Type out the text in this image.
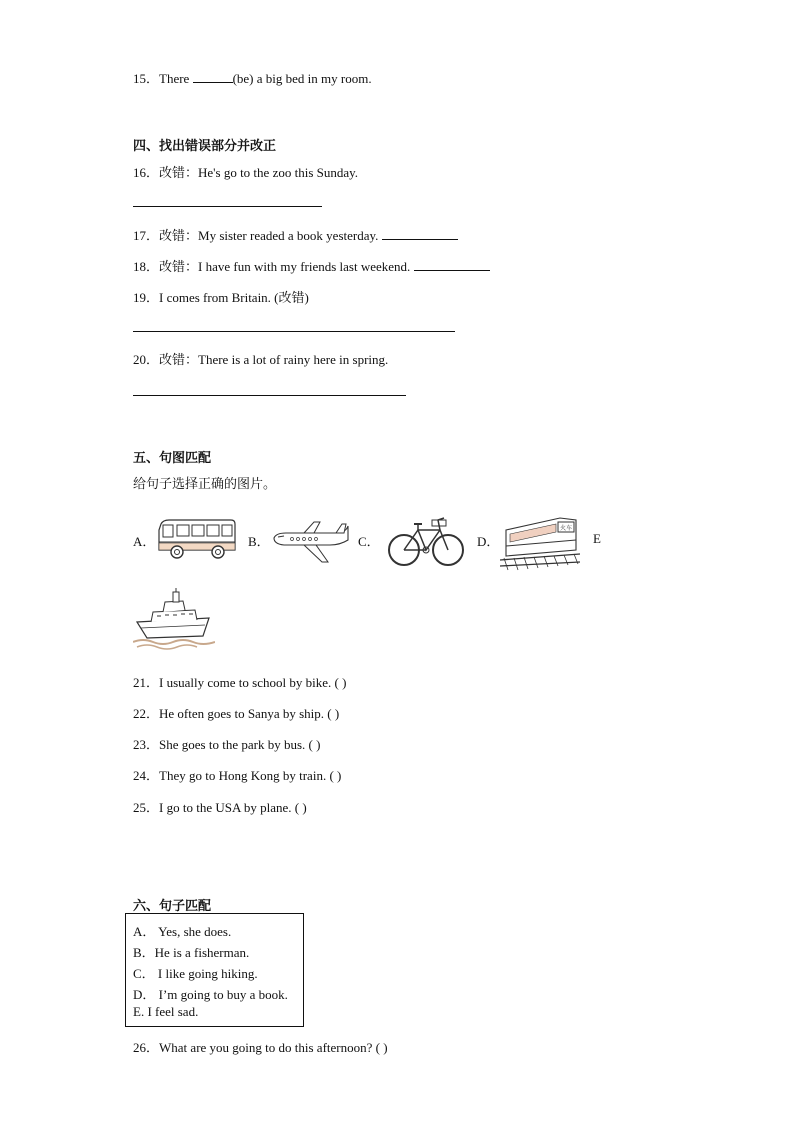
15．There	(be) a big bed in my room.
四、找出错误部分并改正
16．改错：He's go to the zoo this Sunday.
17．改错：My sister readed a book yesterday.
18．改错：I have fun with my friends last weekend.
19．I comes from Britain. (改错)
20．改错：There is a lot of rainy here in spring.
五、句图匹配
给句子选择正确的图片。
A．	B．	C．	D．	E
火车
21．I usually come to school by bike. ( )
22．He often goes to Sanya by ship. ( )
23．She goes to the park by bus. ( )
24．They go to Hong Kong by train. ( )
25．I go to the USA by plane. ( )
六、句子匹配
A． Yes, she does.
B．He is a fisherman.
C． I like going hiking.
D． I’m going to buy a book.
E. I feel sad.
26．What are you going to do this afternoon? ( )
